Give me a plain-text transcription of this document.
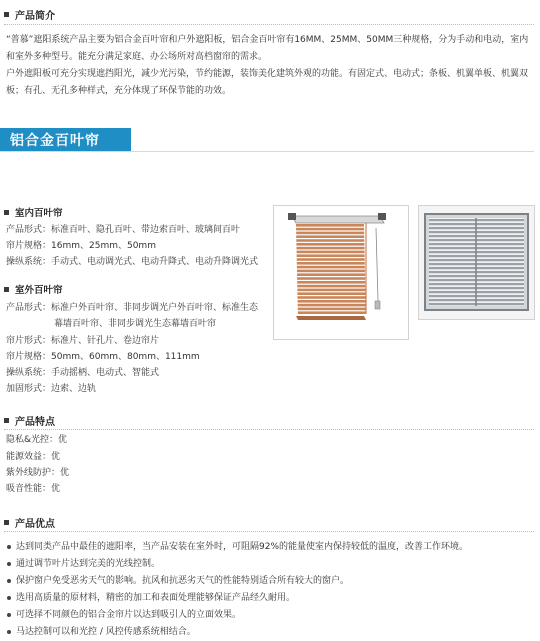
产品简介

“普慕”遮阳系统产品主要为铝合金百叶帘和户外遮阳板，铝合金百叶帘有16MM、25MM、50MM三种规格，分为手动和电动，室内和室外多种型号。能充分满足家庭、办公场所对高档窗帘的需求。

户外遮阳板可充分实现遮挡阳光，减少光污染，节约能源，装饰美化建筑外观的功能。有固定式、电动式；条板、机翼单板、机翼双板；有孔、无孔多种样式，充分体现了环保节能的功效。

铝合金百叶帘
室内百叶帘
产品形式：标准百叶、隐孔百叶、带边索百叶、玻璃间百叶
帘片规格：16mm、25mm、50mm
操纵系统：手动式、电动调光式、电动升降式、电动升降调光式
室外百叶帘
产品形式：标准户外百叶帘、非同步调光户外百叶帘、标准生态
幕墙百叶帘、非同步调光生态幕墙百叶帘
帘片形式：标准片、针孔片、卷边帘片
帘片规格：50mm、60mm、80mm、111mm
操纵系统：手动摇柄、电动式、智能式
加固形式：边索、边轨
产品特点
隐私&光控：优
能源效益：优
紫外线防护：优
吸音性能：优
产品优点
达到同类产品中最佳的遮阳率，当产品安装在室外时，可阻隔92%的能量使室内保持较低的温度，改善工作环境。
通过调节叶片达到完美的光线控制。
保护窗户免受恶劣天气的影响。抗风和抗恶劣天气的性能特别适合所有较大的窗户。
选用高质量的原材料，精密的加工和表面处理能够保证产品经久耐用。
可选择不同颜色的铝合金帘片以达到吸引人的立面效果。
马达控制可以和光控 / 风控传感系统相结合。
